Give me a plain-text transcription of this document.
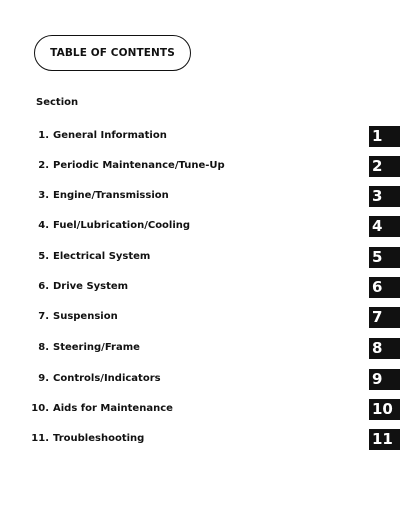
TABLE OF CONTENTS
Section
1. General Information	1
2. Periodic Maintenance/Tune-Up	2
3. Engine/Transmission	3
4. Fuel/Lubrication/Cooling	4
5. Electrical System	5
6. Drive System	6
7. Suspension	7
8. Steering/Frame	8
9. Controls/Indicators	9
10. Aids for Maintenance	10
11. Troubleshooting	11
